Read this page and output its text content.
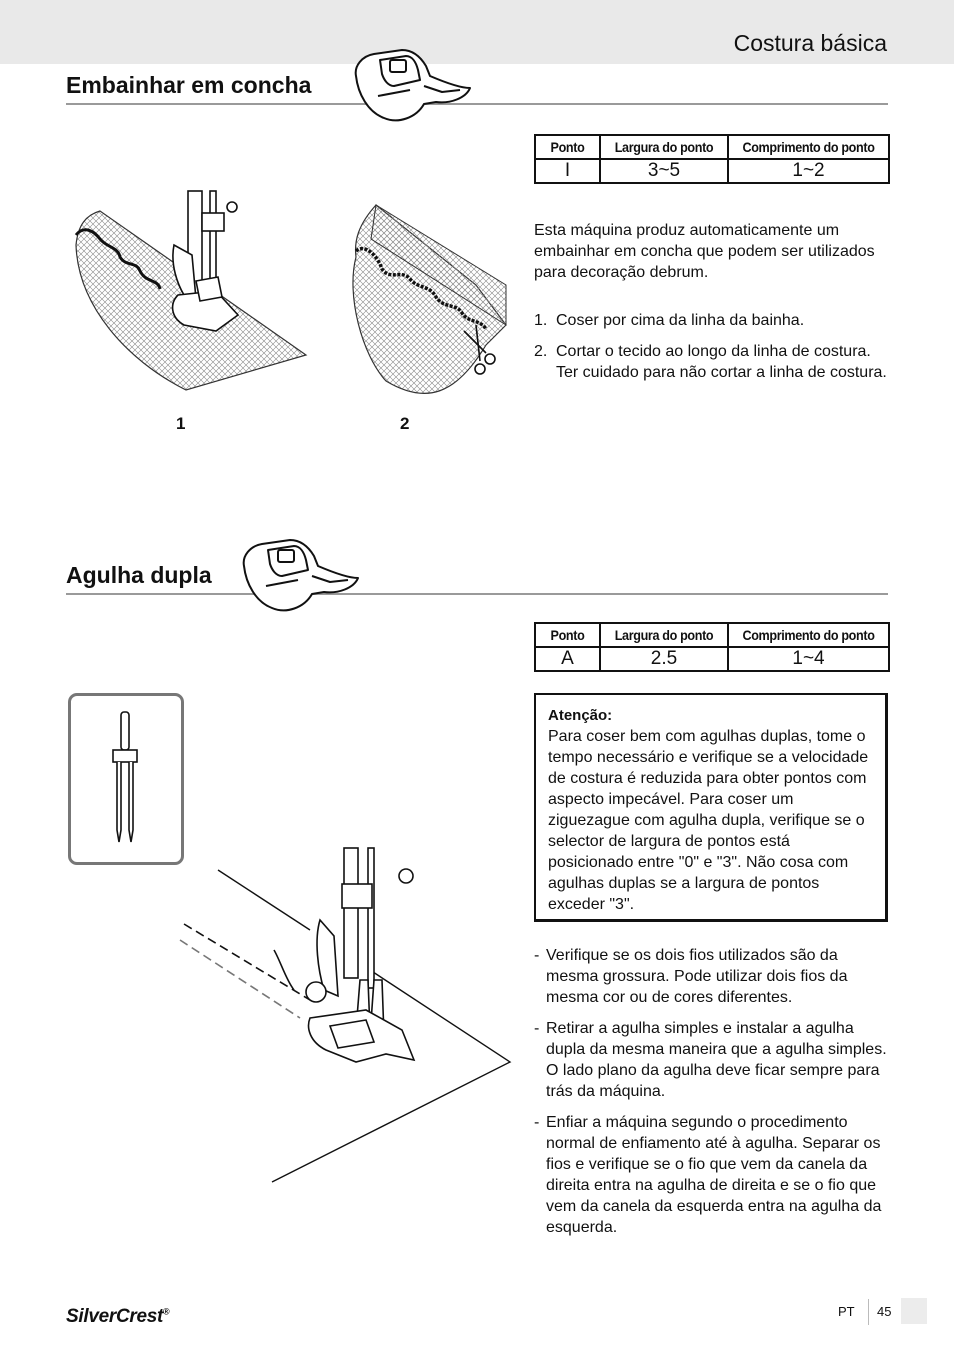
Costura básica
Embainhar em concha
Ponto	Largura do ponto	Comprimento do ponto
I	3~5	1~2

Esta máquina produz automaticamente um embainhar em concha que podem ser utilizados para decoração debrum.

1. Coser por cima da linha da bainha.
2. Cortar o tecido ao longo da linha de costura. Ter cuidado para não cortar a linha de costura.
1	2
Agulha dupla
Ponto	Largura do ponto	Comprimento do ponto
A	2.5	1~4
Atenção:
Para coser bem com agulhas duplas, tome o tempo necessário e verifique se a velocidade de costura é reduzida para obter pontos com aspecto impecável. Para coser um ziguezague com agulha dupla, verifique se o selector de largura de pontos está posicionado entre "0" e "3". Não cosa com agulhas duplas se a largura de pontos exceder "3".
- Verifique se os dois fios utilizados são da mesma grossura. Pode utilizar dois fios da mesma cor ou de cores diferentes.
- Retirar a agulha simples e instalar a agulha dupla da mesma maneira que a agulha simples. O lado plano da agulha deve ficar sempre para trás da máquina.
- Enfiar a máquina segundo o procedimento normal de enfiamento até à agulha. Separar os fios e verifique se o fio que vem da canela da direita entra na agulha de direita e se o fio que vem da canela da esquerda entra na agulha da esquerda.
SilverCrest®	PT 45
